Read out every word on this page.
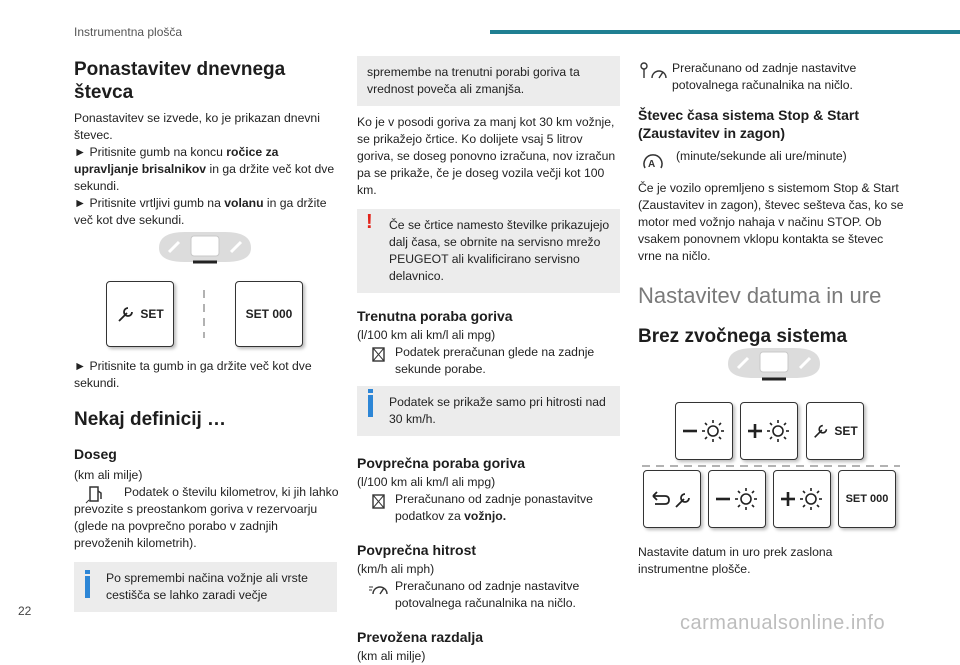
Instrumentna plošča
22
carmanualsonline.info
Ponastavitev dnevnega števca
Ponastavitev se izvede, ko je prikazan dnevni števec.
► Pritisnite gumb na koncu ročice za upravljanje brisalnikov in ga držite več kot dve sekundi.
► Pritisnite vrtljivi gumb na volanu in ga držite več kot dve sekundi.
SET	SET 000
► Pritisnite ta gumb in ga držite več kot dve sekundi.
Nekaj definicij …
Doseg
(km ali milje)
Podatek o številu kilometrov, ki jih lahko prevozite s preostankom goriva v rezervoarju (glede na povprečno porabo v zadnjih prevoženih kilometrih).
Po spremembi načina vožnje ali vrste cestišča se lahko zaradi večje
spremembe na trenutni porabi goriva ta vrednost poveča ali zmanjša.
Ko je v posodi goriva za manj kot 30 km vožnje, se prikažejo črtice. Ko dolijete vsaj 5 litrov goriva, se doseg ponovno izračuna, nov izračun pa se prikaže, če je doseg vozila večji kot 100 km.
! Če se črtice namesto številke prikazujejo dalj časa, se obrnite na servisno mrežo PEUGEOT ali kvalificirano servisno delavnico.
Trenutna poraba goriva
(l/100 km ali km/l ali mpg)
Podatek preračunan glede na zadnje sekunde porabe.
Podatek se prikaže samo pri hitrosti nad 30 km/h.
Povprečna poraba goriva
(l/100 km ali km/l ali mpg)
Preračunano od zadnje ponastavitve podatkov za vožnjo.
Povprečna hitrost
(km/h ali mph)
Preračunano od zadnje nastavitve potovalnega računalnika na ničlo.
Prevožena razdalja
(km ali milje)
Preračunano od zadnje nastavitve potovalnega računalnika na ničlo.
Števec časa sistema Stop & Start (Zaustavitev in zagon)
A
(minute/sekunde ali ure/minute)
Če je vozilo opremljeno s sistemom Stop & Start (Zaustavitev in zagon), števec sešteva čas, ko se motor med vožnjo nahaja v načinu STOP. Ob vsakem ponovnem vklopu kontakta se števec vrne na ničlo.
Nastavitev datuma in ure
Brez zvočnega sistema
SET
SET 000
Nastavite datum in uro prek zaslona instrumentne plošče.
